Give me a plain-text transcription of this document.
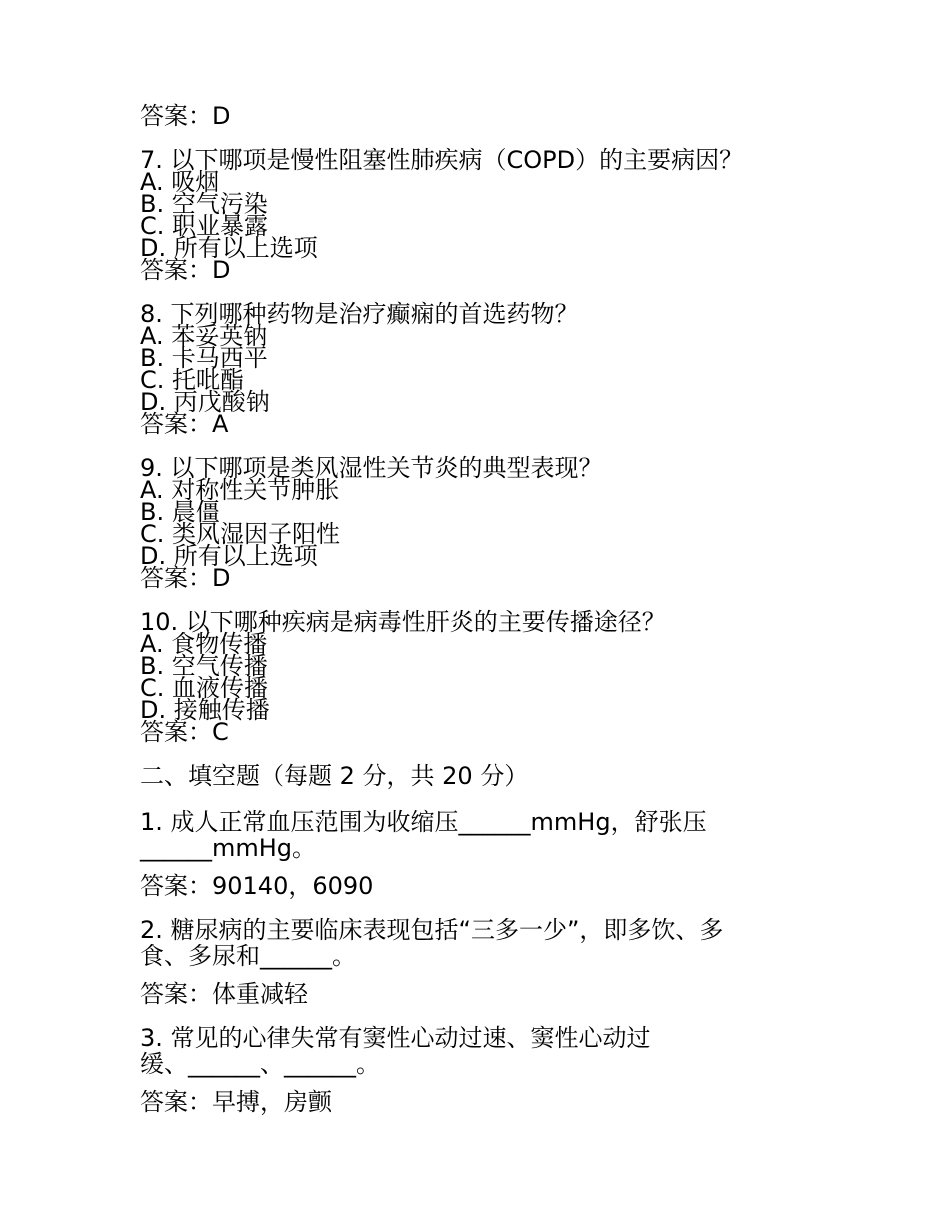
答案：D
7. 以下哪项是慢性阻塞性肺疾病（COPD）的主要病因？
A. 吸烟
B. 空气污染
C. 职业暴露
D. 所有以上选项
答案：D
8. 下列哪种药物是治疗癫痫的首选药物？
A. 苯妥英钠
B. 卡马西平
C. 托吡酯
D. 丙戊酸钠
答案：A
9. 以下哪项是类风湿性关节炎的典型表现？
A. 对称性关节肿胀
B. 晨僵
C. 类风湿因子阳性
D. 所有以上选项
答案：D
10. 以下哪种疾病是病毒性肝炎的主要传播途径？
A. 食物传播
B. 空气传播
C. 血液传播
D. 接触传播
答案：C
二、填空题（每题 2 分，共 20 分）
1. 成人正常血压范围为收缩压______mmHg，舒张压
______mmHg。
答案：90140，6090
2. 糖尿病的主要临床表现包括“三多一少”，即多饮、多
食、多尿和______。
答案：体重减轻
3. 常见的心律失常有窦性心动过速、窦性心动过
缓、______、______。
答案：早搏，房颤
